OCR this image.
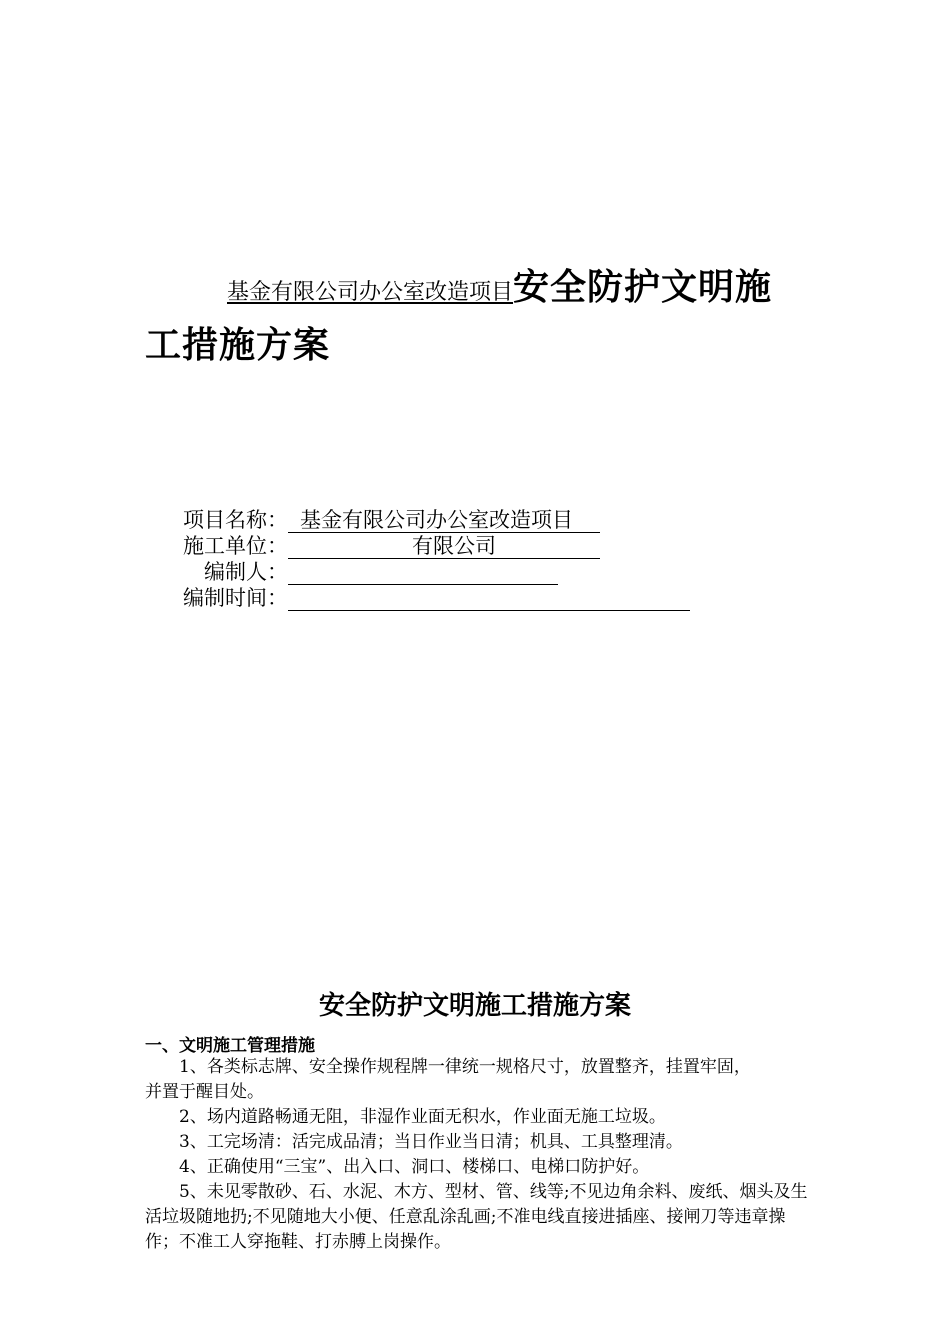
基金有限公司办公室改造项目安全防护文明施
工措施方案
项目名称： 基金有限公司办公室改造项目
施工单位：	有限公司
编制人：
编制时间：
安全防护文明施工措施方案
一、文明施工管理措施

1、各类标志牌、安全操作规程牌一律统一规格尺寸，放置整齐，挂置牢固，并置于醒目处。

2、场内道路畅通无阻，非湿作业面无积水，作业面无施工垃圾。

3、工完场清：活完成品清；当日作业当日清；机具、工具整理清。

4、正确使用“三宝”、出入口、洞口、楼梯口、电梯口防护好。

5、未见零散砂、石、水泥、木方、型材、管、线等;不见边角余料、废纸、烟头及生活垃圾随地扔;不见随地大小便、任意乱涂乱画;不准电线直接进插座、接闸刀等违章操作；不准工人穿拖鞋、打赤膊上岗操作。
